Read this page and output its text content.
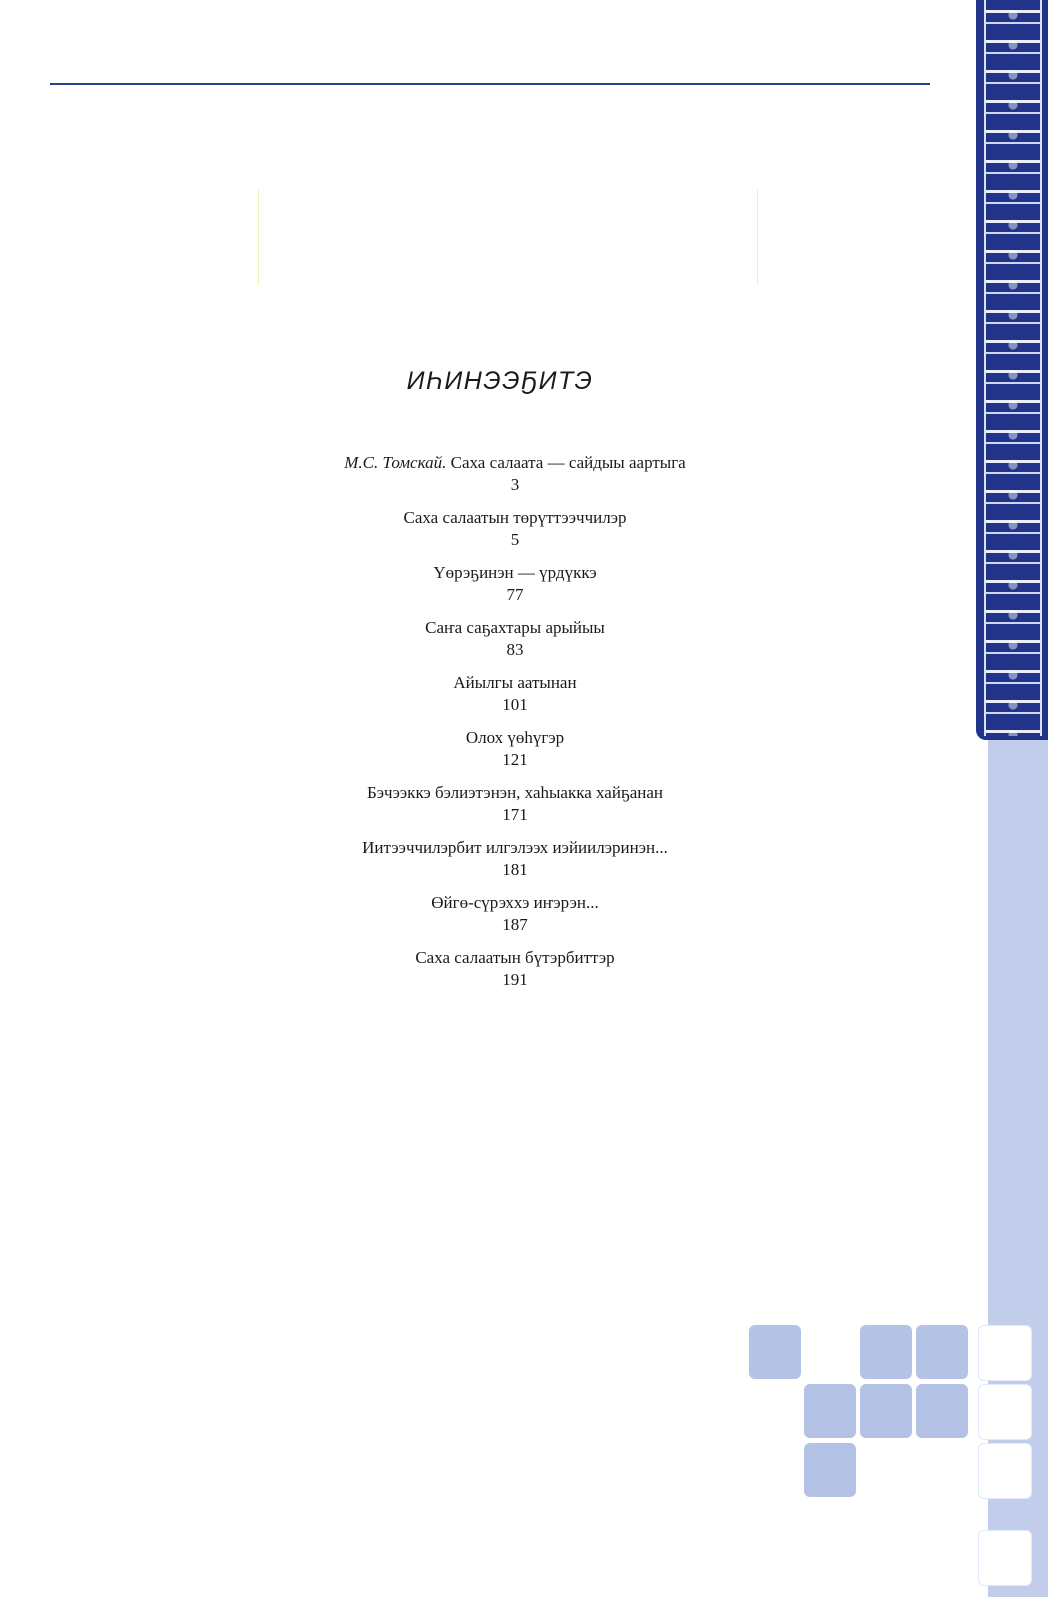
ИҺИНЭЭҔИТЭ
М.С. Томскай. Саха салаата — сайдыы аартыга
3
Саха салаатын төрүттээччилэр
5
Үөрэҕинэн — үрдүккэ
77
Саҥа саҕахтары арыйыы
83
Айылгы аатынан
101
Олох үөһүгэр
121
Бэчээккэ бэлиэтэнэн, хаһыакка хайҕанан
171
Иитээччилэрбит илгэлээх иэйиилэринэн...
181
Өйгө-сүрэххэ иҥэрэн...
187
Саха салаатын бүтэрбиттэр
191
